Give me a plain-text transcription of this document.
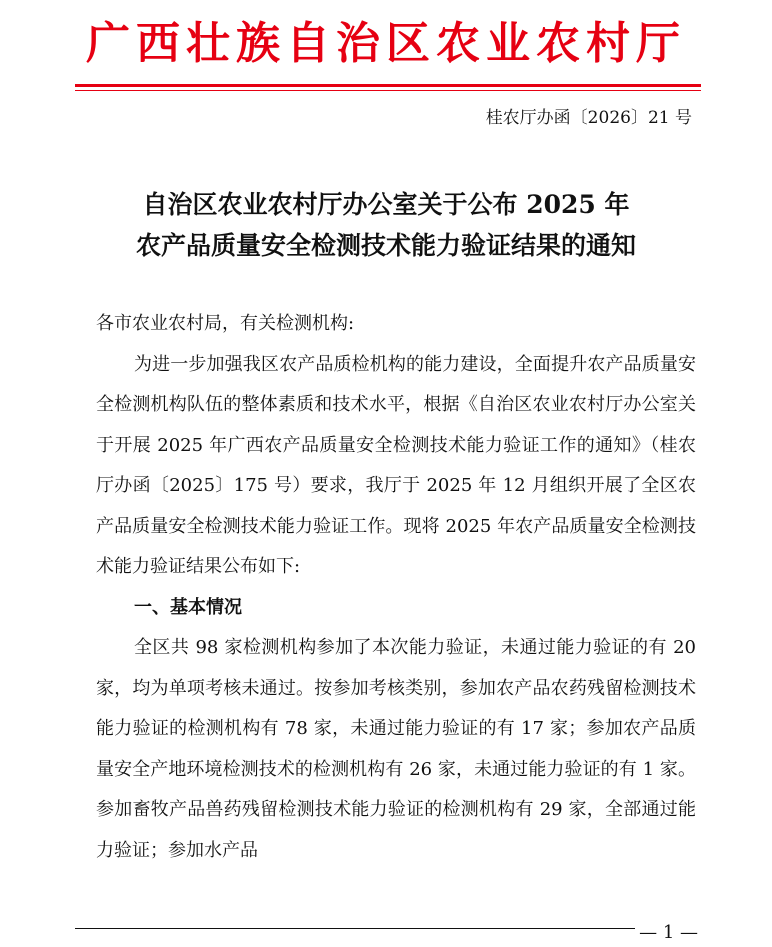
广西壮族自治区农业农村厅
桂农厅办函〔2026〕21 号
自治区农业农村厅办公室关于公布 2025 年
农产品质量安全检测技术能力验证结果的通知

各市农业农村局，有关检测机构:

为进一步加强我区农产品质检机构的能力建设，全面提升农产品质量安全检测机构队伍的整体素质和技术水平，根据《自治区农业农村厅办公室关于开展 2025 年广西农产品质量安全检测技术能力验证工作的通知》（桂农厅办函〔2025〕175 号）要求，我厅于 2025 年 12 月组织开展了全区农产品质量安全检测技术能力验证工作。现将 2025 年农产品质量安全检测技术能力验证结果公布如下:

一、基本情况

全区共 98 家检测机构参加了本次能力验证，未通过能力验证的有 20 家，均为单项考核未通过。按参加考核类别，参加农产品农药残留检测技术能力验证的检测机构有 78 家，未通过能力验证的有 17 家；参加农产品质量安全产地环境检测技术的检测机构有 26 家，未通过能力验证的有 1 家。参加畜牧产品兽药残留检测技术能力验证的检测机构有 29 家，全部通过能力验证；参加水产品

— 1 —
